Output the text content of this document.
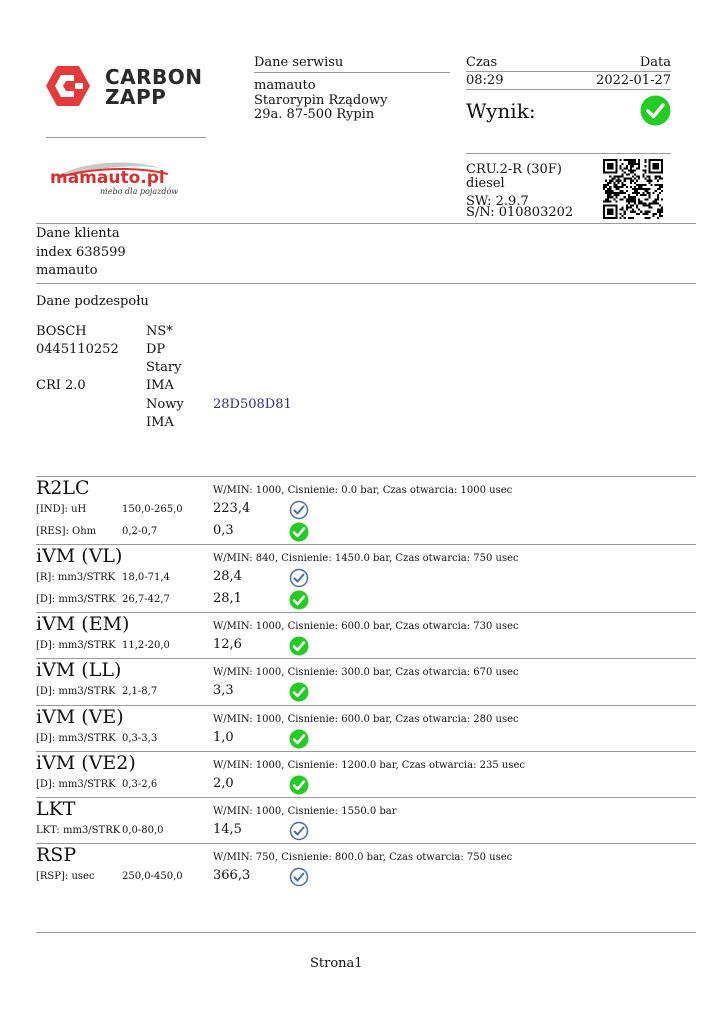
CARBON
ZAPP
Dane serwisu
mamauto
Starorypin Rządowy
29a. 87-500 Rypin
Czas	Data
08:29	2022-01-27
Wynik:
mamauto.pl
niebo dla pojazdów
CRU.2-R (30F)
diesel
SW: 2.9.7
S/N: 010803202
Dane klienta
index 638599
mamauto
Dane podzespołu
BOSCH	NS*
0445110252 DP
Stary
CRI 2.0	IMA
Nowy
IMA
28D508D81
R2LC	W/MIN: 1000, Cisnienie: 0.0 bar, Czas otwarcia: 1000 usec
[IND]: uH	150,0-265,0 223,4
[RES]: Ohm	0,2-0,7	0,3
iVM (VL)	W/MIN: 840, Cisnienie: 1450.0 bar, Czas otwarcia: 750 usec
[R]: mm3/STRK 18,0-71,4	28,4
[D]: mm3/STRK 26,7-42,7	28,1
iVM (EM)	W/MIN: 1000, Cisnienie: 600.0 bar, Czas otwarcia: 730 usec
[D]: mm3/STRK 11,2-20,0	12,6
iVM (LL)	W/MIN: 1000, Cisnienie: 300.0 bar, Czas otwarcia: 670 usec
[D]: mm3/STRK 2,1-8,7	3,3
iVM (VE)	W/MIN: 1000, Cisnienie: 600.0 bar, Czas otwarcia: 280 usec
[D]: mm3/STRK 0,3-3,3	1,0
iVM (VE2)	W/MIN: 1000, Cisnienie: 1200.0 bar, Czas otwarcia: 235 usec
[D]: mm3/STRK 0,3-2,6	2,0
LKT	W/MIN: 1000, Cisnienie: 1550.0 bar
LKT: mm3/STRK 0,0-80,0	14,5
RSP	W/MIN: 750, Cisnienie: 800.0 bar, Czas otwarcia: 750 usec
[RSP]: usec	250,0-450,0 366,3
Strona1
